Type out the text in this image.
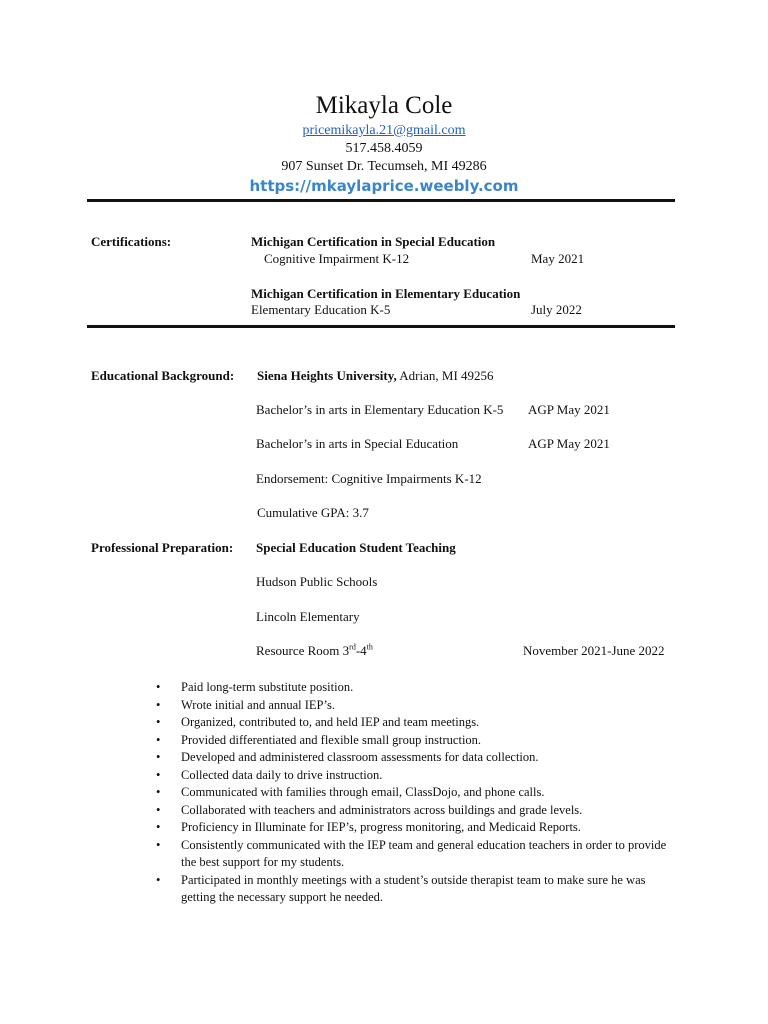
Mikayla Cole
pricemikayla.21@gmail.com
517.458.4059
907 Sunset Dr. Tecumseh, MI 49286
https://mkaylaprice.weebly.com
Certifications:	Michigan Certification in Special Education
Cognitive Impairment K-12	May 2021
Michigan Certification in Elementary Education
Elementary Education K-5	July 2022
Educational Background: Siena Heights University, Adrian, MI 49256
Bachelor’s in arts in Elementary Education K-5 AGP May 2021
Bachelor’s in arts in Special Education	AGP May 2021
Endorsement: Cognitive Impairments K-12
Cumulative GPA: 3.7
Professional Preparation: Special Education Student Teaching
Hudson Public Schools
Lincoln Elementary
Resource Room 3rd-4th	November 2021-June 2022
• Paid long-term substitute position.
• Wrote initial and annual IEP’s.
• Organized, contributed to, and held IEP and team meetings.
• Provided differentiated and flexible small group instruction.
• Developed and administered classroom assessments for data collection.
• Collected data daily to drive instruction.
• Communicated with families through email, ClassDojo, and phone calls.
• Collaborated with teachers and administrators across buildings and grade levels.
• Proficiency in Illuminate for IEP’s, progress monitoring, and Medicaid Reports.
• Consistently communicated with the IEP team and general education teachers in order to provide the best support for my students.
• Participated in monthly meetings with a student’s outside therapist team to make sure he was getting the necessary support he needed.
